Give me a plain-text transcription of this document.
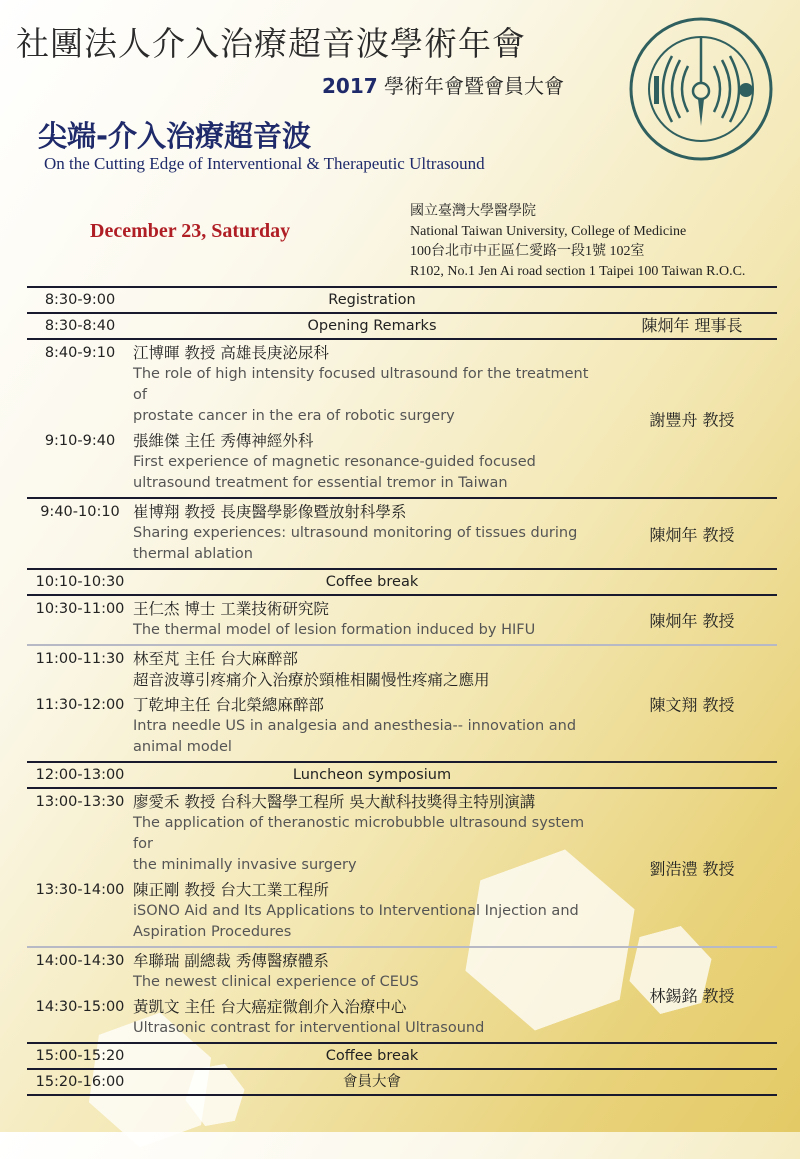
社團法人介入治療超音波學術年會
2017 學術年會暨會員大會
尖端-介入治療超音波
On the Cutting Edge of Interventional & Therapeutic Ultrasound
December 23, Saturday
國立臺灣大學醫學院
National Taiwan University, College of Medicine
100台北市中正區仁愛路一段1號 102室
R102, No.1 Jen Ai road section 1 Taipei 100 Taiwan R.O.C.
8:30-9:00	Registration
8:30-8:40	Opening Remarks	陳炯年 理事長
8:40-9:10	江博暉 教授 高雄長庚泌尿科
The role of high intensity focused ultrasound for the treatment of
prostate cancer in the era of robotic surgery
9:10-9:40	張維傑 主任 秀傳神經外科
First experience of magnetic resonance-guided focused
ultrasound treatment for essential tremor in Taiwan
謝豐舟 教授
9:40-10:10 崔博翔 教授 長庚醫學影像暨放射科學系
Sharing experiences: ultrasound monitoring of tissues during
thermal ablation
陳炯年 教授
10:10-10:30	Coffee break
10:30-11:00 王仁杰 博士 工業技術研究院
The thermal model of lesion formation induced by HIFU	陳炯年 教授
11:00-11:30 林至芃 主任 台大麻醉部
超音波導引疼痛介入治療於頸椎相關慢性疼痛之應用
11:30-12:00 丁乾坤主任 台北榮總麻醉部
Intra needle US in analgesia and anesthesia-- innovation and
animal model
陳文翔 教授
12:00-13:00	Luncheon symposium
13:00-13:30 廖愛禾 教授 台科大醫學工程所 吳大猷科技獎得主特別演講
The application of theranostic microbubble ultrasound system for
the minimally invasive surgery
13:30-14:00 陳正剛 教授 台大工業工程所
iSONO Aid and Its Applications to Interventional Injection and
Aspiration Procedures
劉浩澧 教授
14:00-14:30 牟聯瑞 副總裁 秀傳醫療體系
The newest clinical experience of CEUS
14:30-15:00 黃凱文 主任 台大癌症微創介入治療中心
Ultrasonic contrast for interventional Ultrasound
林錫銘 教授
15:00-15:20	Coffee break
15:20-16:00	會員大會
